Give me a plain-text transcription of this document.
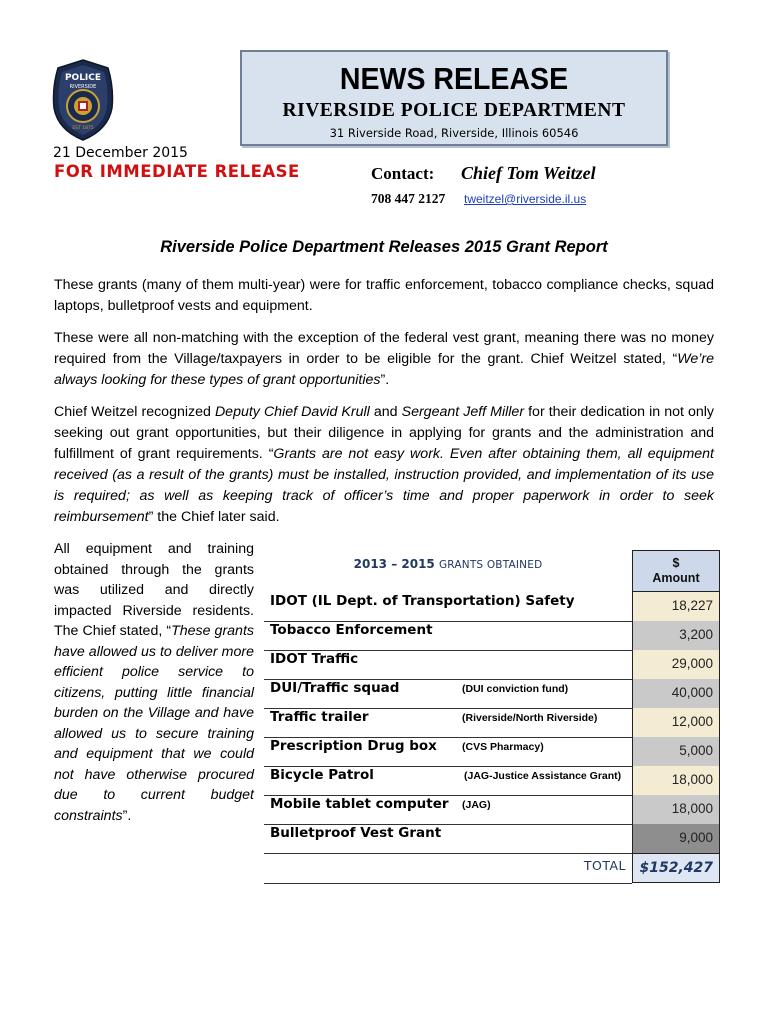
POLICE
RIVERSIDE
EST 1875
NEWS RELEASE
RIVERSIDE POLICE DEPARTMENT
31 Riverside Road, Riverside, Illinois 60546
21 December 2015
FOR IMMEDIATE RELEASE	Contact: Chief Tom Weitzel
708 447 2127 tweitzel@riverside.il.us
Riverside Police Department Releases 2015 Grant Report
These grants (many of them multi-year) were for traffic enforcement, tobacco compliance checks, squad laptops, bulletproof vests and equipment.
These were all non-matching with the exception of the federal vest grant, meaning there was no money required from the Village/taxpayers in order to be eligible for the grant. Chief Weitzel stated, “We’re always looking for these types of grant opportunities”.
Chief Weitzel recognized Deputy Chief David Krull and Sergeant Jeff Miller for their dedication in not only seeking out grant opportunities, but their diligence in applying for grants and the administration and fulfillment of grant requirements. “Grants are not easy work. Even after obtaining them, all equipment received (as a result of the grants) must be installed, instruction provided, and implementation of its use is required; as well as keeping track of officer’s time and proper paperwork in order to seek reimbursement” the Chief later said.
All equipment and training obtained through the grants was utilized and directly impacted Riverside residents. The Chief stated, “These grants have allowed us to deliver more efficient police service to citizens, putting little financial burden on the Village and have allowed us to secure training and equipment that we could not have otherwise procured due to current budget constraints”.
2013 – 2015 GRANTS OBTAINED	$
Amount
IDOT (IL Dept. of Transportation) Safety	18,227
Tobacco Enforcement	3,200
IDOT Traffic	29,000
DUI/Traffic squad	(DUI conviction fund)	40,000
Traffic trailer	(Riverside/North Riverside)	12,000
Prescription Drug box (CVS Pharmacy)	5,000
Bicycle Patrol	(JAG-Justice Assistance Grant)	18,000
Mobile tablet computer (JAG)	18,000
Bulletproof Vest Grant	9,000
TOTAL $152,427
